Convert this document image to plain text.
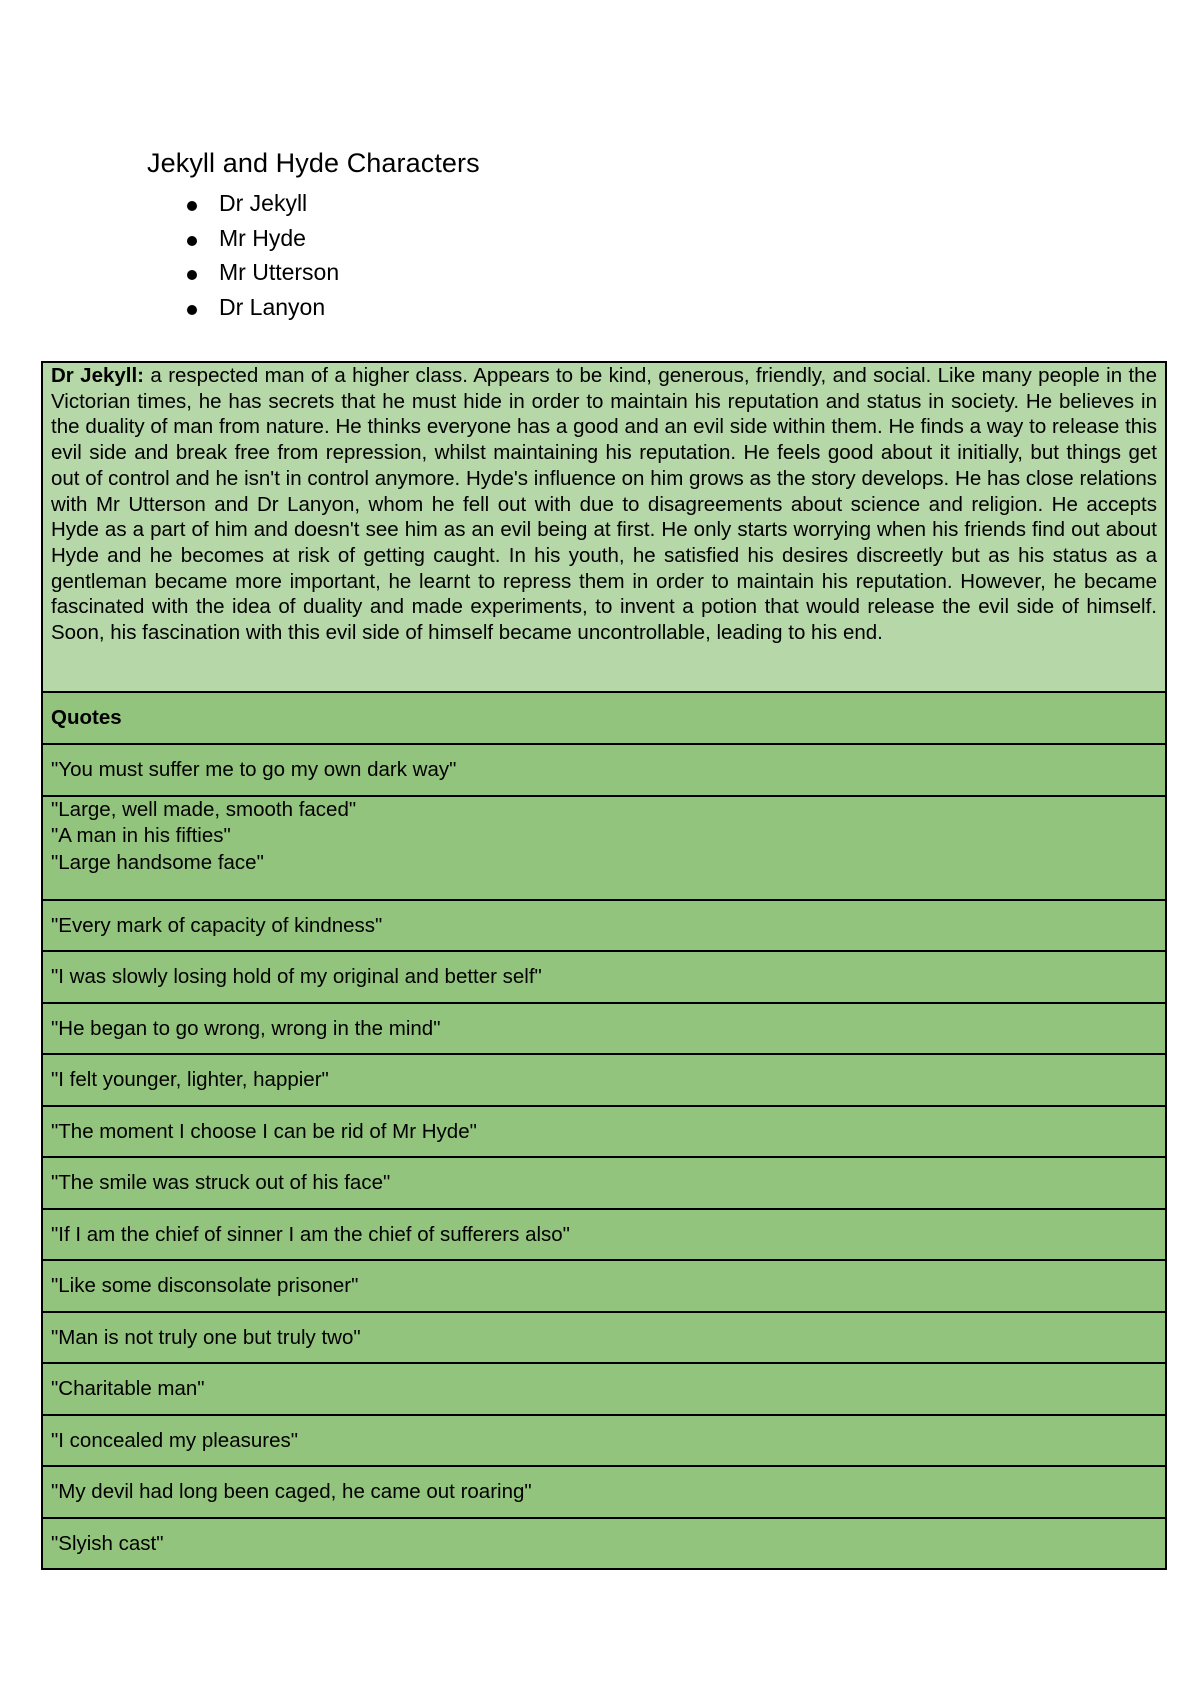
Jekyll and Hyde Characters
Dr Jekyll
Mr Hyde
Mr Utterson
Dr Lanyon
Dr Jekyll: a respected man of a higher class. Appears to be kind, generous, friendly, and social. Like many people in the Victorian times, he has secrets that he must hide in order to maintain his reputation and status in society. He believes in the duality of man from nature. He thinks everyone has a good and an evil side within them. He finds a way to release this evil side and break free from repression, whilst maintaining his reputation. He feels good about it initially, but things get out of control and he isn't in control anymore. Hyde's influence on him grows as the story develops. He has close relations with Mr Utterson and Dr Lanyon, whom he fell out with due to disagreements about science and religion. He accepts Hyde as a part of him and doesn't see him as an evil being at first. He only starts worrying when his friends find out about Hyde and he becomes at risk of getting caught. In his youth, he satisfied his desires discreetly but as his status as a gentleman became more important, he learnt to repress them in order to maintain his reputation. However, he became fascinated with the idea of duality and made experiments, to invent a potion that would release the evil side of himself. Soon, his fascination with this evil side of himself became uncontrollable, leading to his end.
Quotes
"You must suffer me to go my own dark way"

"Large, well made, smooth faced"
"A man in his fifties"
"Large handsome face"

"Every mark of capacity of kindness"
"I was slowly losing hold of my original and better self"
"He began to go wrong, wrong in the mind"
"I felt younger, lighter, happier"
"The moment I choose I can be rid of Mr Hyde"
"The smile was struck out of his face"
"If I am the chief of sinner I am the chief of sufferers also"
"Like some disconsolate prisoner"
"Man is not truly one but truly two"
"Charitable man"
"I concealed my pleasures"
"My devil had long been caged, he came out roaring"
"Slyish cast"
